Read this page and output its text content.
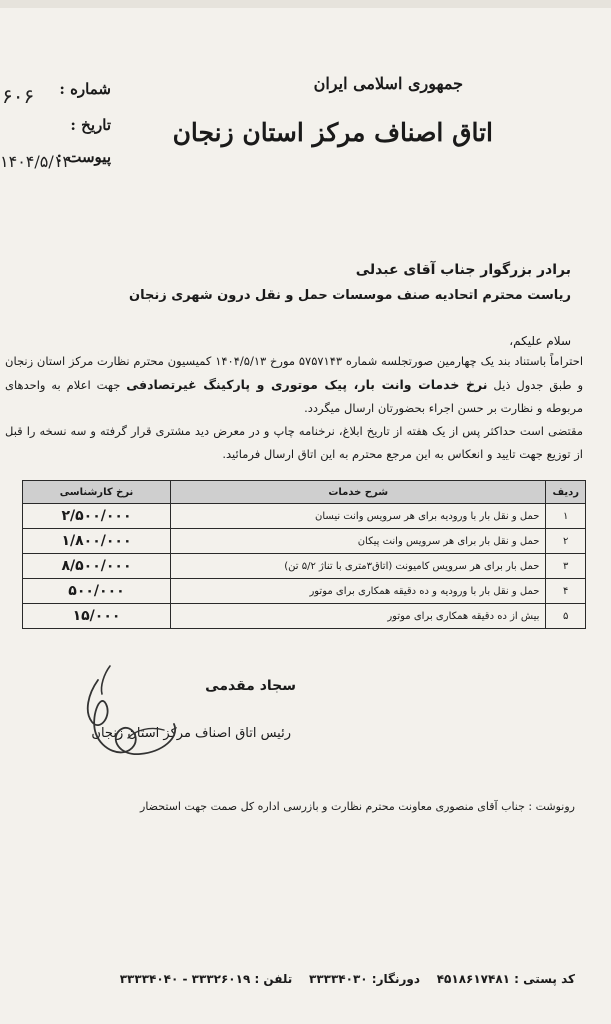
جمهوری اسلامی ایران
اتاق اصناف مرکز استان زنجان
شماره :
تاریخ :
پیوست :
۶۰۶
۱۴۰۴/۵/۱۴
برادر بزرگوار جناب آقای عبدلی
ریاست محترم اتحادیه صنف موسسات حمل و نقل درون شهری زنجان
سلام علیکم،
احتراماً باستناد بند یک چهارمین صورتجلسه شماره ۵۷۵۷۱۴۳ مورخ ۱۴۰۴/۵/۱۳ کمیسیون محترم نظارت مرکز استان زنجان و طبق جدول ذیل نرخ خدمات وانت بار، پیک موتوری و پارکینگ غیرتصادفی جهت اعلام به واحدهای مربوطه و نظارت بر حسن اجراء بحضورتان ارسال میگردد.
مقتضی است حداکثر پس از یک هفته از تاریخ ابلاغ، نرخنامه چاپ و در معرض دید مشتری قرار گرفته و سه نسخه را قبل از توزیع جهت تایید و انعکاس به این مرجع محترم به این اتاق ارسال فرمائید.
ردیف	شرح خدمات	نرخ کارشناسی
۱	حمل و نقل بار با ورودیه برای هر سرویس وانت نیسان	۲/۵۰۰/۰۰۰
۲	حمل و نقل بار برای هر سرویس وانت پیکان	۱/۸۰۰/۰۰۰
۳	حمل بار برای هر سرویس کامیونت (اتاق۳متری با تناژ ۵/۲ تن)	۸/۵۰۰/۰۰۰
۴	حمل و نقل بار با ورودیه و ده دقیقه همکاری برای موتور	۵۰۰/۰۰۰
۵	بیش از ده دقیقه همکاری برای موتور	۱۵/۰۰۰
سجاد مقدمی
رئیس اتاق اصناف مرکز استان زنجان
رونوشت : جناب آقای منصوری معاونت محترم نظارت و بازرسی اداره کل صمت جهت استحضار
کد پستی : ۴۵۱۸۶۱۷۴۸۱    دورنگار: ۳۳۳۳۴۰۳۰    تلفن : ۳۳۳۲۶۰۱۹ - ۳۳۳۳۴۰۴۰
